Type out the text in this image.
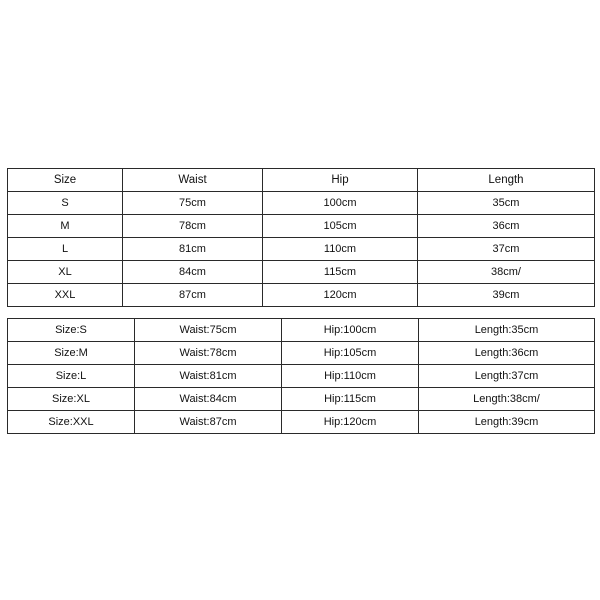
Size	Waist	Hip	Length
S	75cm	100cm	35cm
M	78cm	105cm	36cm
L	81cm	110cm	37cm
XL	84cm	115cm	38cm/
XXL	87cm	120cm	39cm
Size:S	Waist:75cm	Hip:100cm	Length:35cm
Size:M	Waist:78cm	Hip:105cm	Length:36cm
Size:L	Waist:81cm	Hip:110cm	Length:37cm
Size:XL	Waist:84cm	Hip:115cm	Length:38cm/
Size:XXL	Waist:87cm	Hip:120cm	Length:39cm
